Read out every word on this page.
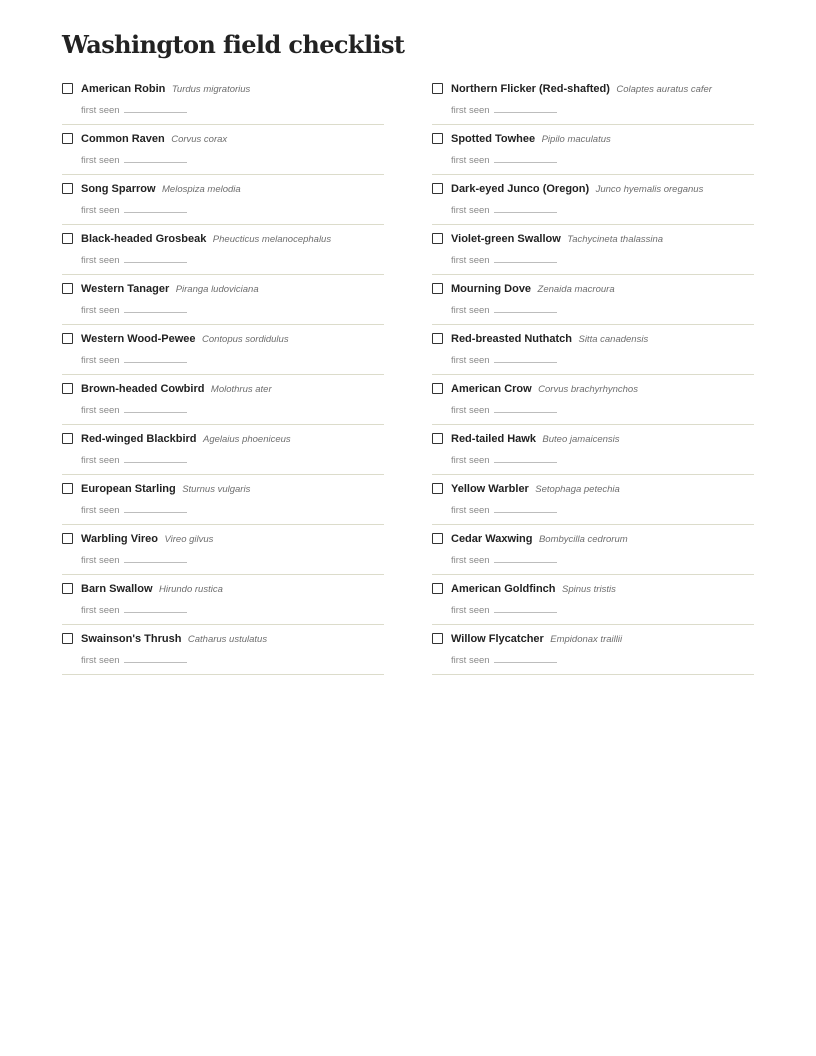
Washington field checklist
American Robin Turdus migratorius
first seen
Common Raven Corvus corax
first seen
Song Sparrow Melospiza melodia
first seen
Black-headed Grosbeak Pheucticus melanocephalus
first seen
Western Tanager Piranga ludoviciana
first seen
Western Wood-Pewee Contopus sordidulus
first seen
Brown-headed Cowbird Molothrus ater
first seen
Red-winged Blackbird Agelaius phoeniceus
first seen
European Starling Sturnus vulgaris
first seen
Warbling Vireo Vireo gilvus
first seen
Barn Swallow Hirundo rustica
first seen
Swainson's Thrush Catharus ustulatus
first seen
Northern Flicker (Red-shafted) Colaptes auratus cafer
first seen
Spotted Towhee Pipilo maculatus
first seen
Dark-eyed Junco (Oregon) Junco hyemalis oreganus
first seen
Violet-green Swallow Tachycineta thalassina
first seen
Mourning Dove Zenaida macroura
first seen
Red-breasted Nuthatch Sitta canadensis
first seen
American Crow Corvus brachyrhynchos
first seen
Red-tailed Hawk Buteo jamaicensis
first seen
Yellow Warbler Setophaga petechia
first seen
Cedar Waxwing Bombycilla cedrorum
first seen
American Goldfinch Spinus tristis
first seen
Willow Flycatcher Empidonax traillii
first seen
